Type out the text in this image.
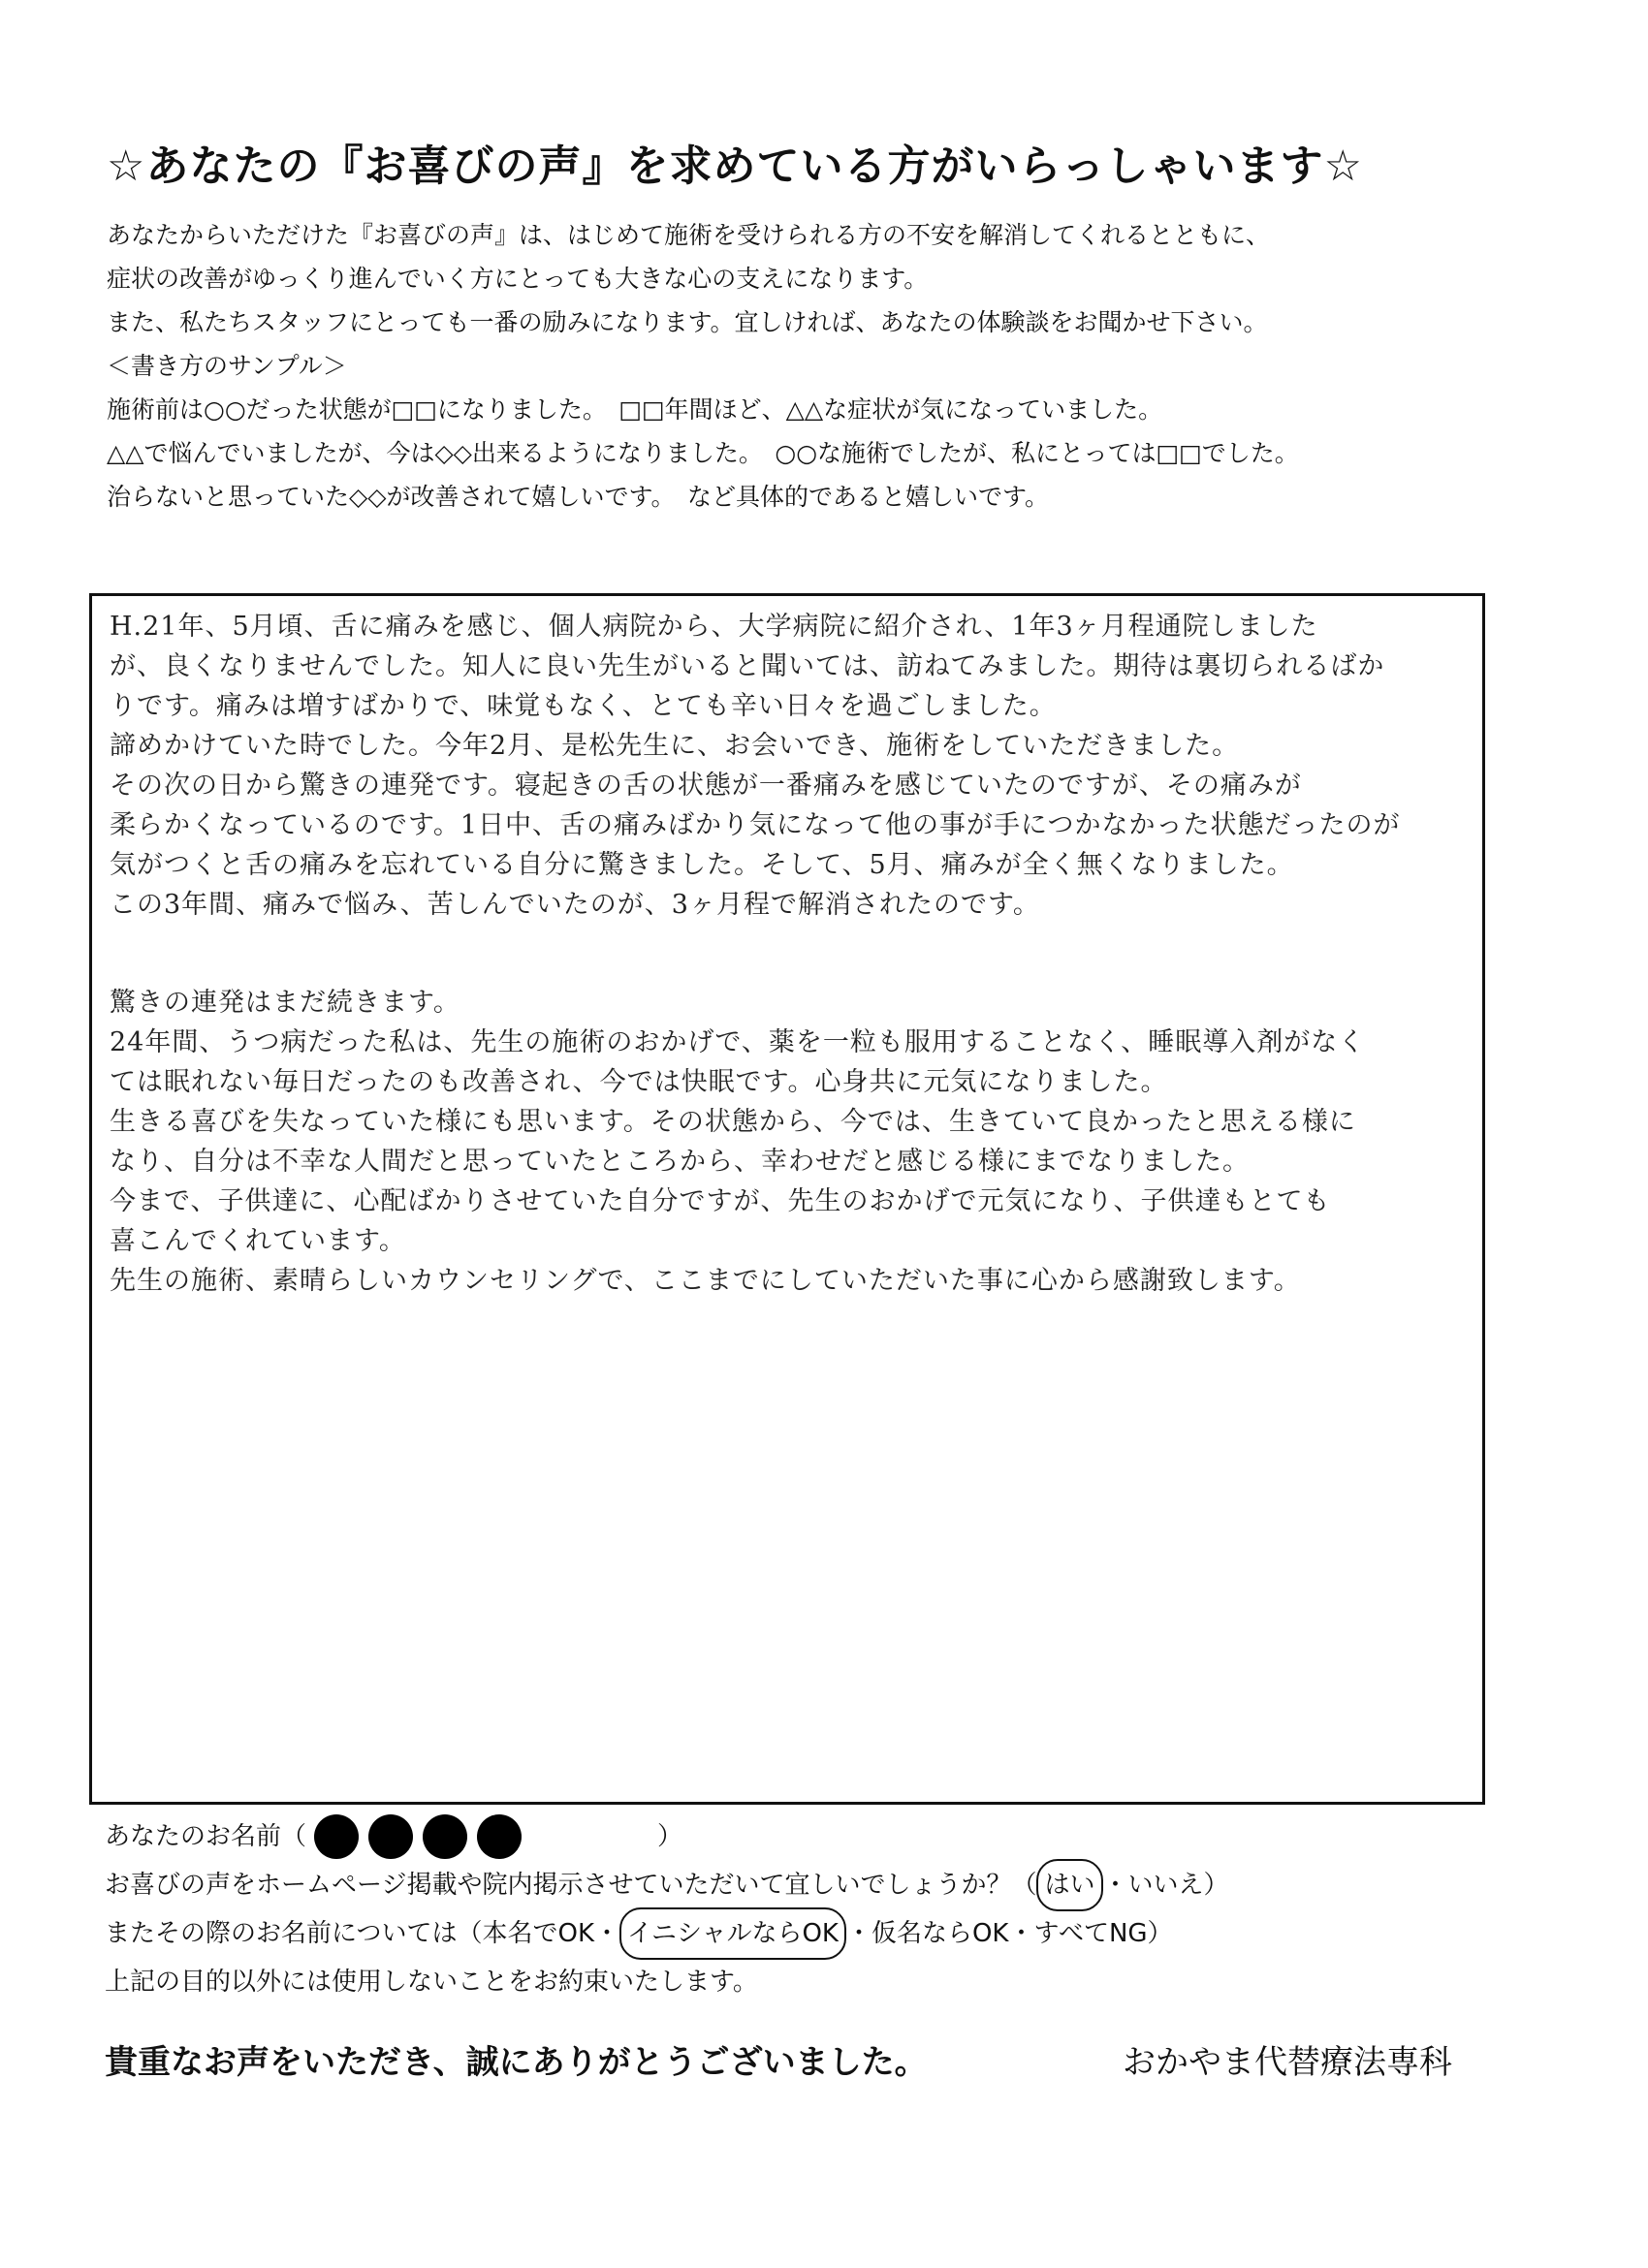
☆あなたの『お喜びの声』を求めている方がいらっしゃいます☆
あなたからいただけた『お喜びの声』は、はじめて施術を受けられる方の不安を解消してくれるとともに、
症状の改善がゆっくり進んでいく方にとっても大きな心の支えになります。
また、私たちスタッフにとっても一番の励みになります。宜しければ、あなたの体験談をお聞かせ下さい。
＜書き方のサンプル＞
施術前は○○だった状態が□□になりました。　□□年間ほど、△△な症状が気になっていました。
△△で悩んでいましたが、今は◇◇出来るようになりました。　○○な施術でしたが、私にとっては□□でした。
治らないと思っていた◇◇が改善されて嬉しいです。　など具体的であると嬉しいです。
H.21年、5月頃、舌に痛みを感じ、個人病院から、大学病院に紹介され、1年3ヶ月程通院しました
が、良くなりませんでした。知人に良い先生がいると聞いては、訪ねてみました。期待は裏切られるばか
りです。痛みは増すばかりで、味覚もなく、とても辛い日々を過ごしました。
諦めかけていた時でした。今年2月、是松先生に、お会いでき、施術をしていただきました。
その次の日から驚きの連発です。寝起きの舌の状態が一番痛みを感じていたのですが、その痛みが
柔らかくなっているのです。1日中、舌の痛みばかり気になって他の事が手につかなかった状態だったのが
気がつくと舌の痛みを忘れている自分に驚きました。そして、5月、痛みが全く無くなりました。
この3年間、痛みで悩み、苦しんでいたのが、3ヶ月程で解消されたのです。
驚きの連発はまだ続きます。
24年間、うつ病だった私は、先生の施術のおかげで、薬を一粒も服用することなく、睡眠導入剤がなく
ては眠れない毎日だったのも改善され、今では快眠です。心身共に元気になりました。
生きる喜びを失なっていた様にも思います。その状態から、今では、生きていて良かったと思える様に
なり、自分は不幸な人間だと思っていたところから、幸わせだと感じる様にまでなりました。
今まで、子供達に、心配ばかりさせていた自分ですが、先生のおかげで元気になり、子供達もとても
喜こんでくれています。
先生の施術、素晴らしいカウンセリングで、ここまでにしていただいた事に心から感謝致します。
あなたのお名前（	）
お喜びの声をホームページ掲載や院内掲示させていただいて宜しいでしょうか？（ はい ・いいえ）
またその際のお名前については（本名でOK・ イニシャルならOK ・仮名ならOK・すべてNG）
上記の目的以外には使用しないことをお約束いたします。
貴重なお声をいただき、誠にありがとうございました。	おかやま代替療法専科
